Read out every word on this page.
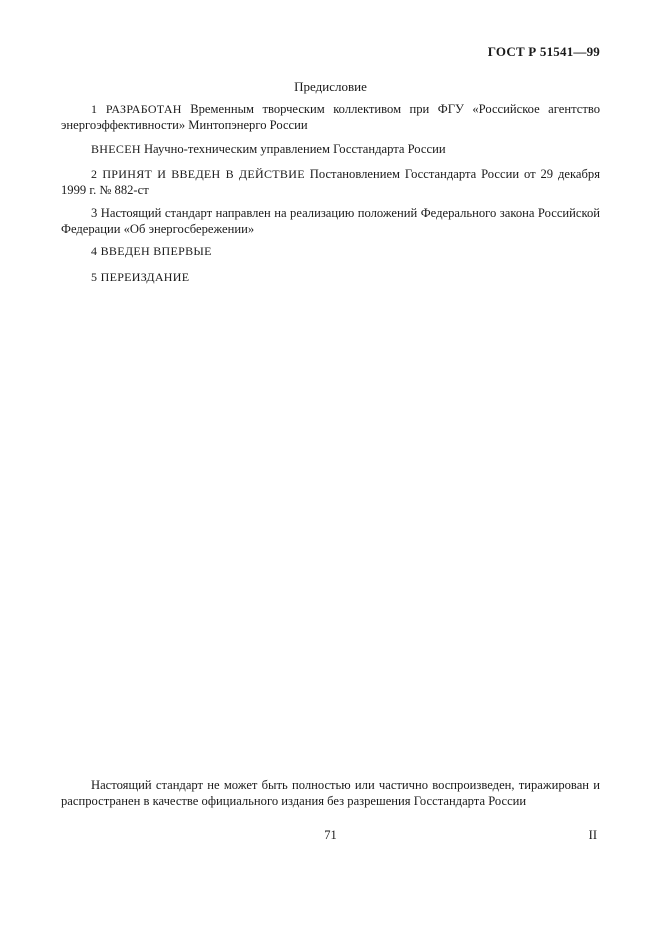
ГОСТ Р 51541—99
Предисловие
1 РАЗРАБОТАН Временным творческим коллективом при ФГУ «Российское агентство энергоэффективности» Минтопэнерго России
ВНЕСЕН Научно-техническим управлением Госстандарта России
2 ПРИНЯТ И ВВЕДЕН В ДЕЙСТВИЕ Постановлением Госстандарта России от 29 декабря 1999 г. № 882-ст
3 Настоящий стандарт направлен на реализацию положений Федерального закона Российской Федерации «Об энергосбережении»
4 ВВЕДЕН ВПЕРВЫЕ
5 ПЕРЕИЗДАНИЕ
Настоящий стандарт не может быть полностью или частично воспроизведен, тиражирован и распространен в качестве официального издания без разрешения Госстандарта России
71	II
